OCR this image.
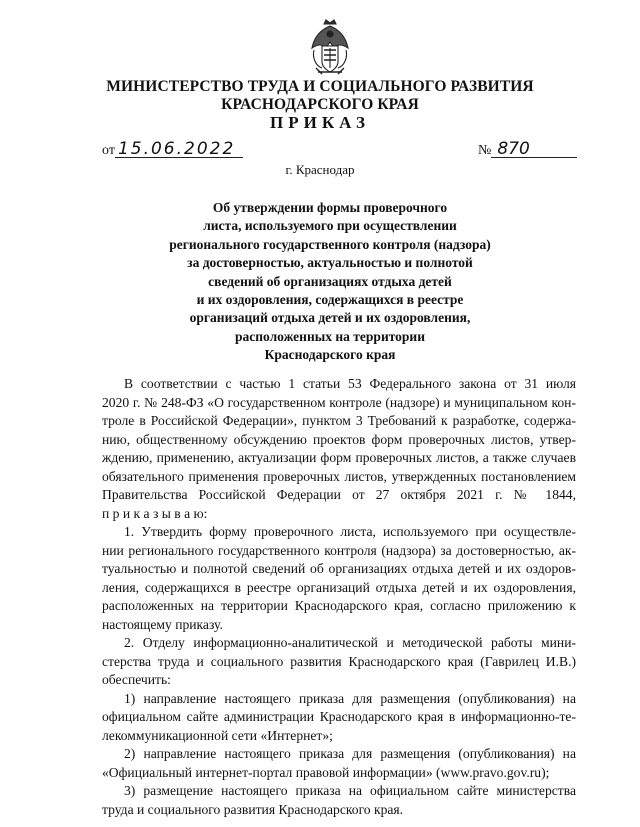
МИНИСТЕРСТВО ТРУДА И СОЦИАЛЬНОГО РАЗВИТИЯ
КРАСНОДАРСКОГО КРАЯ
ПРИКАЗ
от 15.06.2022	№ 870
г. Краснодар
Об утверждении формы проверочного
листа, используемого при осуществлении
регионального государственного контроля (надзора)
за достоверностью, актуальностью и полнотой
сведений об организациях отдыха детей
и их оздоровления, содержащихся в реестре
организаций отдыха детей и их оздоровления,
расположенных на территории
Краснодарского края
В соответствии с частью 1 статьи 53 Федерального закона от 31 июля
2020 г. № 248-ФЗ «О государственном контроле (надзоре) и муниципальном кон-
троле в Российской Федерации», пунктом 3 Требований к разработке, содержа-
нию, общественному обсуждению проектов форм проверочных листов, утвер-
ждению, применению, актуализации форм проверочных листов, а также случаев
обязательного применения проверочных листов, утвержденных постановлением
Правительства Российской Федерации от 27 октября 2021 г. № 1844,
п р и к а з ы в а ю:
1. Утвердить форму проверочного листа, используемого при осуществле-
нии регионального государственного контроля (надзора) за достоверностью, ак-
туальностью и полнотой сведений об организациях отдыха детей и их оздоров-
ления, содержащихся в реестре организаций отдыха детей и их оздоровления,
расположенных на территории Краснодарского края, согласно приложению к
настоящему приказу.
2. Отделу информационно-аналитической и методической работы мини-
стерства труда и социального развития Краснодарского края (Гаврилец И.В.)
обеспечить:
1) направление настоящего приказа для размещения (опубликования) на
официальном сайте администрации Краснодарского края в информационно-те-
лекоммуникационной сети «Интернет»;
2) направление настоящего приказа для размещения (опубликования) на
«Официальный интернет-портал правовой информации» (www.pravo.gov.ru);
3) размещение настоящего приказа на официальном сайте министерства
труда и социального развития Краснодарского края.
